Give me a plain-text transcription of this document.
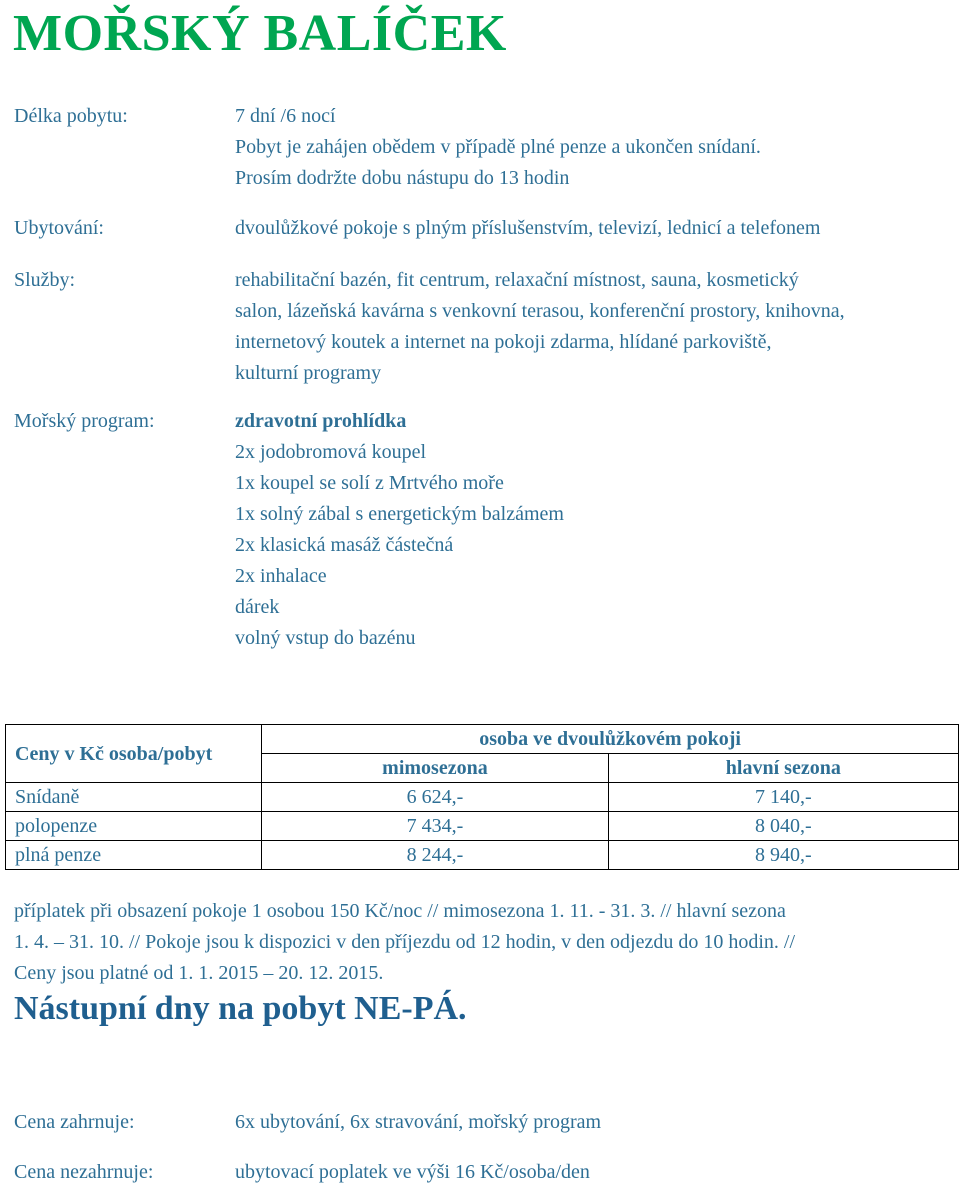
MOŘSKÝ BALÍČEK
Délka pobytu:	7 dní /6 nocí
Pobyt je zahájen obědem v případě plné penze a ukončen snídaní.
Prosím dodržte dobu nástupu do 13 hodin
Ubytování:	dvoulůžkové pokoje s plným příslušenstvím, televizí, lednicí a telefonem
Služby:	rehabilitační bazén, fit centrum, relaxační místnost, sauna, kosmetický
salon, lázeňská kavárna s venkovní terasou, konferenční prostory, knihovna,
internetový koutek a internet na pokoji zdarma, hlídané parkoviště,
kulturní programy
Mořský program:	zdravotní prohlídka
2x jodobromová koupel
1x koupel se solí z Mrtvého moře
1x solný zábal s energetickým balzámem
2x klasická masáž částečná
2x inhalace
dárek
volný vstup do bazénu
Ceny v Kč osoba/pobyt	osoba ve dvoulůžkovém pokoji	
	mimosezona	hlavní sezona
Snídaně	6 624,-	7 140,-
polopenze	7 434,-	8 040,-
plná penze	8 244,-	8 940,-
příplatek při obsazení pokoje 1 osobou 150 Kč/noc // mimosezona 1. 11. - 31. 3. // hlavní sezona
1. 4. – 31. 10. // Pokoje jsou k dispozici v den příjezdu od 12 hodin, v den odjezdu do 10 hodin. //
Ceny jsou platné od 1. 1. 2015 – 20. 12. 2015.
Nástupní dny na pobyt NE-PÁ.
Cena zahrnuje:	6x ubytování, 6x stravování, mořský program
Cena nezahrnuje:	ubytovací poplatek ve výši 16 Kč/osoba/den
